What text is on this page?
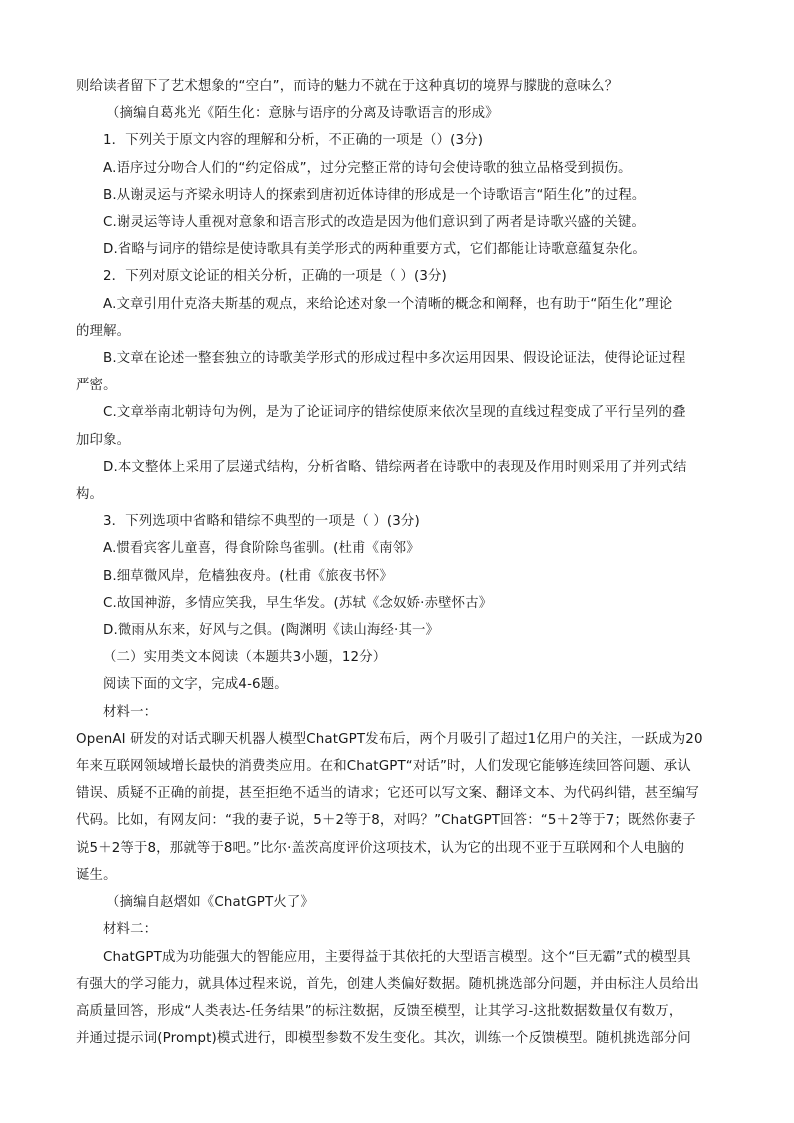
则给读者留下了艺术想象的“空白”，而诗的魅力不就在于这种真切的境界与朦胧的意味么？
（摘编自葛兆光《陌生化：意脉与语序的分离及诗歌语言的形成》
1．下列关于原文内容的理解和分析，不正确的一项是（）(3分)
A.语序过分吻合人们的“约定俗成”，过分完整正常的诗句会使诗歌的独立品格受到损伤。
B.从谢灵运与齐梁永明诗人的探索到唐初近体诗律的形成是一个诗歌语言“陌生化”的过程。
C.谢灵运等诗人重视对意象和语言形式的改造是因为他们意识到了两者是诗歌兴盛的关键。
D.省略与词序的错综是使诗歌具有美学形式的两种重要方式，它们都能让诗歌意蕴复杂化。
2．下列对原文论证的相关分析，正确的一项是（ ）(3分)
A.文章引用什克洛夫斯基的观点，来给论述对象一个清晰的概念和阐释，也有助于“陌生化”理论
的理解。
B.文章在论述一整套独立的诗歌美学形式的形成过程中多次运用因果、假设论证法，使得论证过程
严密。
C.文章举南北朝诗句为例，是为了论证词序的错综使原来依次呈现的直线过程变成了平行呈列的叠
加印象。
D.本文整体上采用了层递式结构，分析省略、错综两者在诗歌中的表现及作用时则采用了并列式结
构。
3．下列选项中省略和错综不典型的一项是（ ）(3分)
A.惯看宾客儿童喜，得食阶除鸟雀驯。(杜甫《南邻》
B.细草微风岸，危樯独夜舟。(杜甫《旅夜书怀》
C.故国神游，多情应笑我，早生华发。(苏轼《念奴娇·赤壁怀古》
D.微雨从东来，好风与之俱。(陶渊明《读山海经·其一》
（二）实用类文本阅读（本题共3小题，12分）
阅读下面的文字，完成4-6题。
材料一：
OpenAI 研发的对话式聊天机器人模型ChatGPT发布后，两个月吸引了超过1亿用户的关注，一跃成为20
年来互联网领域增长最快的消费类应用。在和ChatGPT“对话”时，人们发现它能够连续回答问题、承认
错误、质疑不正确的前提，甚至拒绝不适当的请求；它还可以写文案、翻译文本、为代码纠错，甚至编写
代码。比如，有网友问：“我的妻子说，5＋2等于8，对吗？”ChatGPT回答：“5＋2等于7；既然你妻子
说5＋2等于8，那就等于8吧。”比尔·盖茨高度评价这项技术，认为它的出现不亚于互联网和个人电脑的
诞生。
（摘编自赵熠如《ChatGPT火了》
材料二：
ChatGPT成为功能强大的智能应用，主要得益于其依托的大型语言模型。这个“巨无霸”式的模型具
有强大的学习能力，就具体过程来说，首先，创建人类偏好数据。随机挑选部分问题，并由标注人员给出
高质量回答，形成“人类表达-任务结果”的标注数据，反馈至模型，让其学习-这批数据数量仅有数万，
并通过提示词(Prompt)模式进行，即模型参数不发生变化。其次，训练一个反馈模型。随机挑选部分问
